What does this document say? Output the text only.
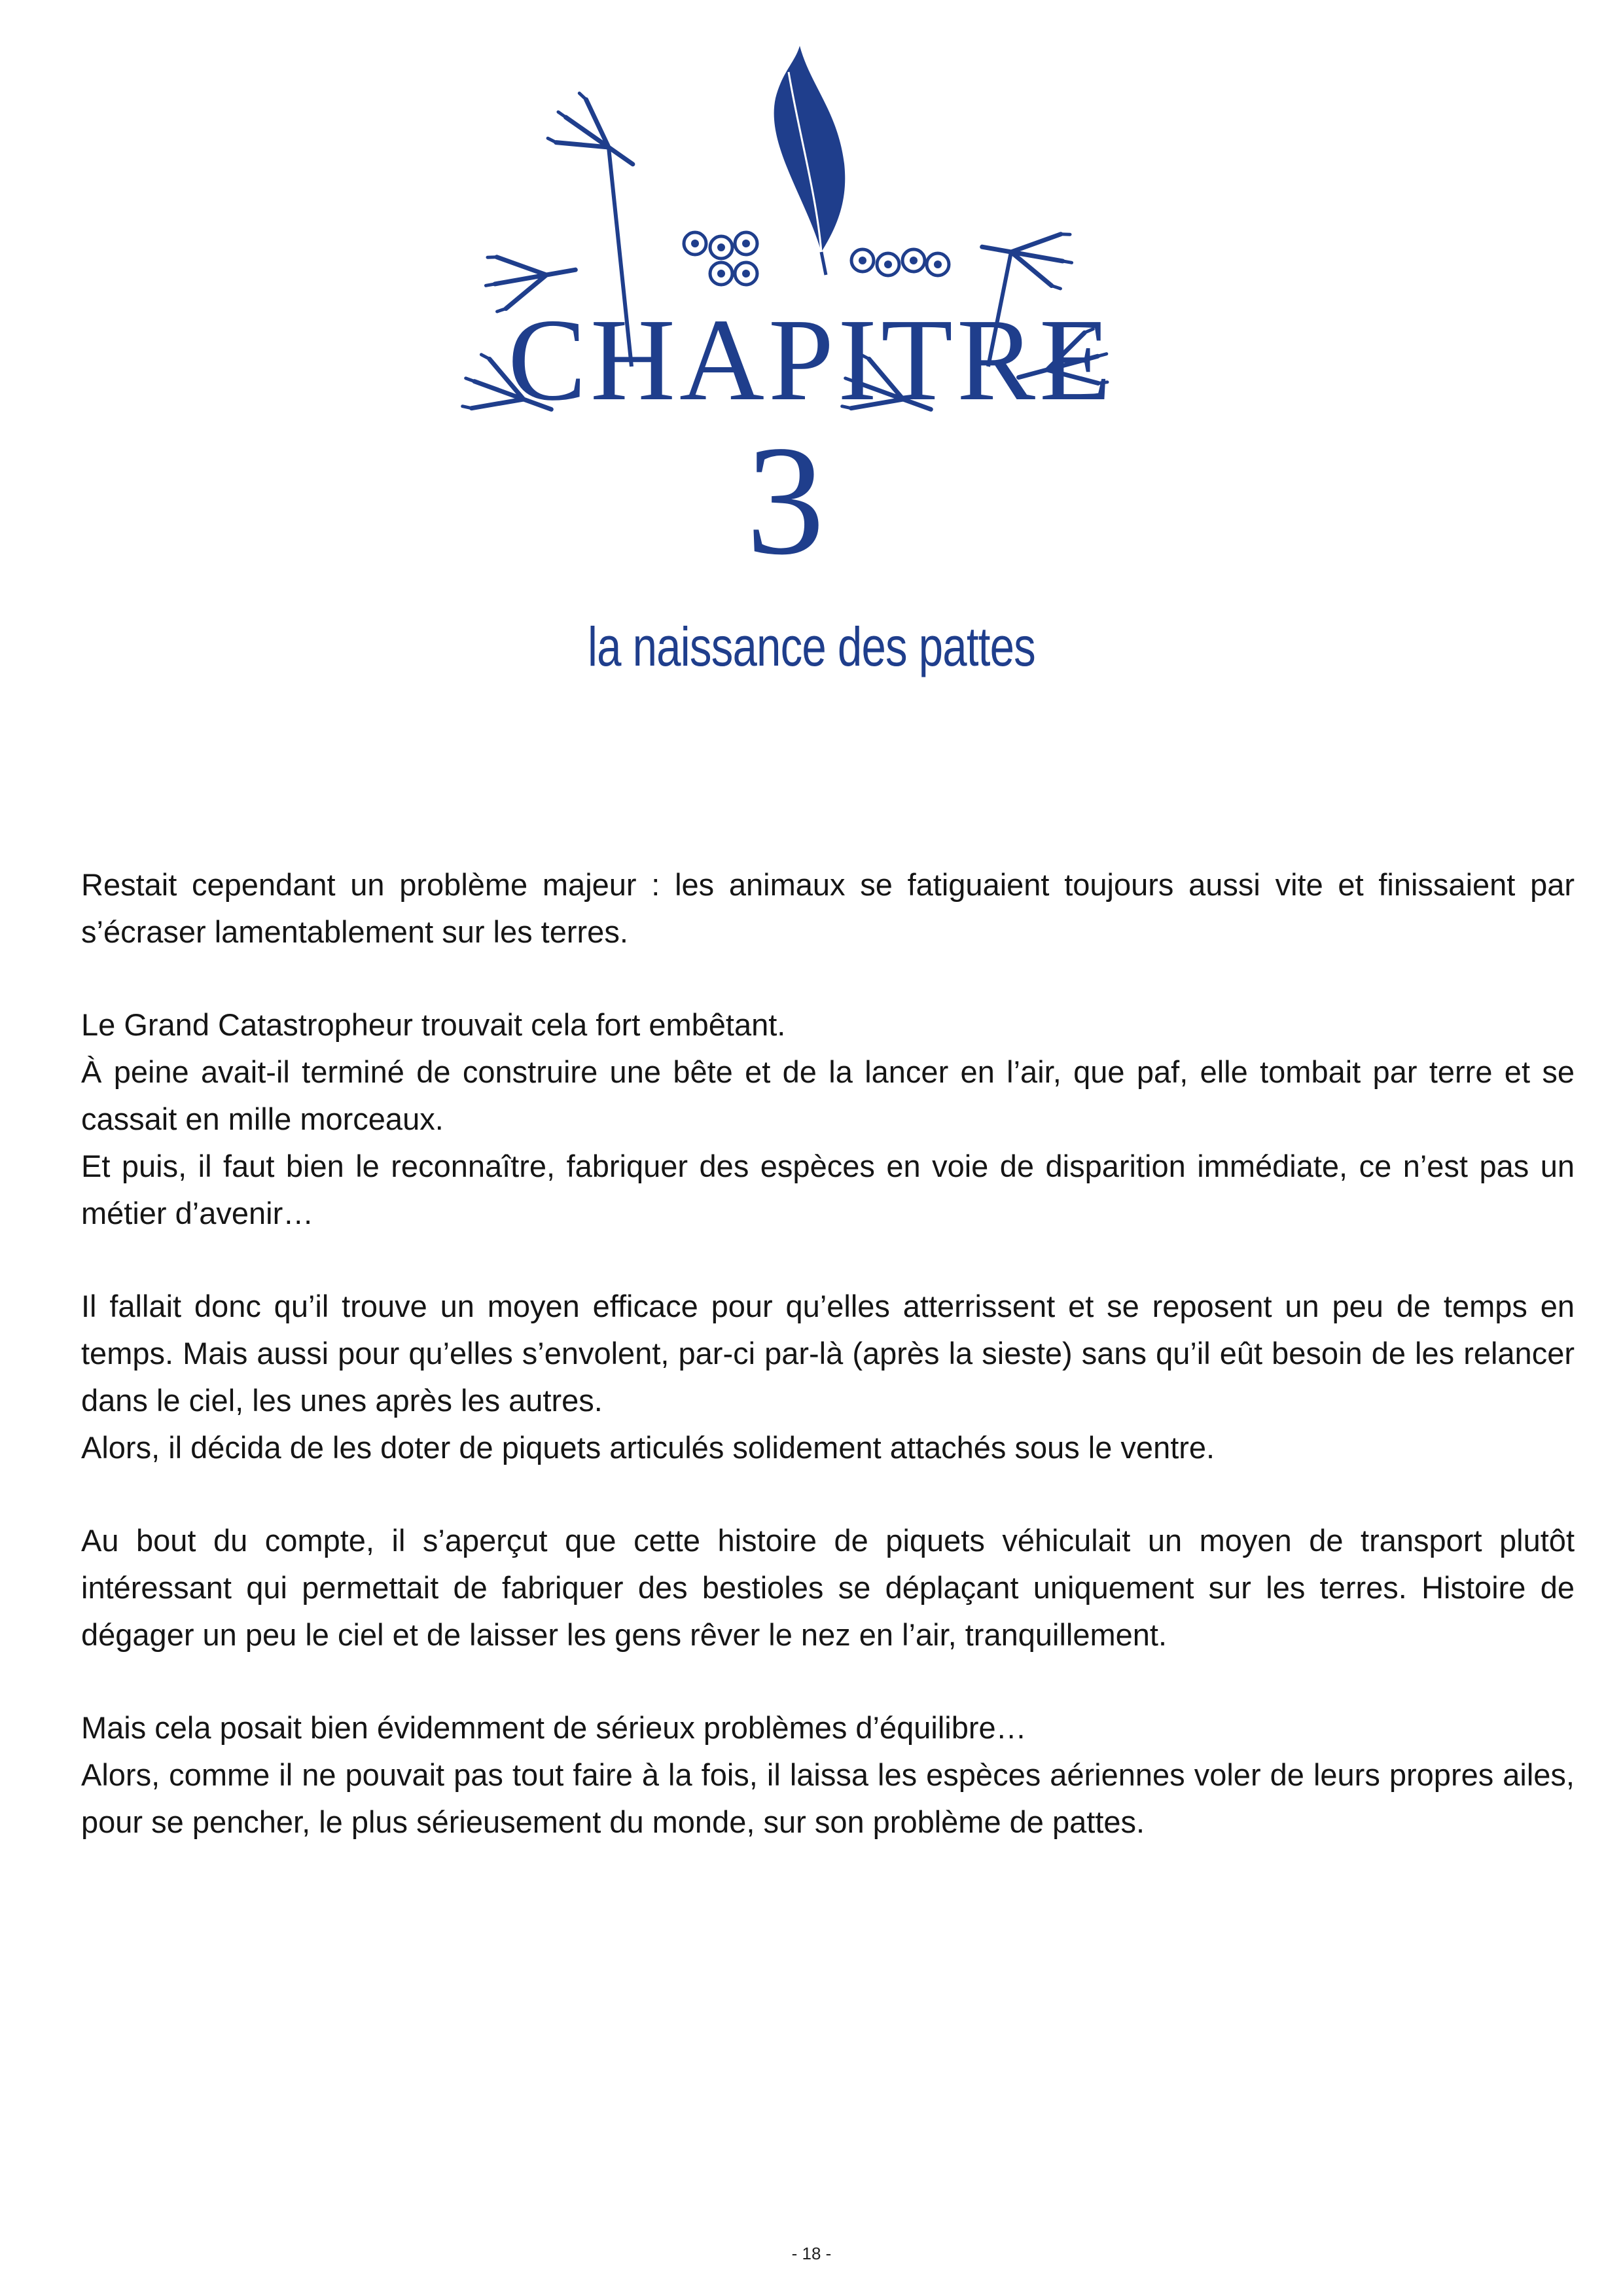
CHAPITRE
3
la naissance des pattes

Restait cependant un problème majeur : les animaux se fatiguaient toujours aussi vite et finissaient par s’écraser lamentablement sur les terres.

Le Grand Catastropheur trouvait cela fort embêtant.

À peine avait-il terminé de construire une bête et de la lancer en l’air, que paf, elle tombait par terre et se cassait en mille morceaux.

Et puis, il faut bien le reconnaître, fabriquer des espèces en voie de disparition immédiate, ce n’est pas un métier d’avenir…

Il fallait donc qu’il trouve un moyen efficace pour qu’elles atterrissent et se reposent un peu de temps en temps. Mais aussi pour qu’elles s’envolent, par-ci par-là (après la sieste) sans qu’il eût besoin de les relancer dans le ciel, les unes après les autres.

Alors, il décida de les doter de piquets articulés solidement attachés sous le ventre.

Au bout du compte, il s’aperçut que cette histoire de piquets véhiculait un moyen de transport plutôt intéressant qui permettait de fabriquer des bestioles se déplaçant uniquement sur les terres. Histoire de dégager un peu le ciel et de laisser les gens rêver le nez en l’air, tranquillement.

Mais cela posait bien évidemment de sérieux problèmes d’équilibre…

Alors, comme il ne pouvait pas tout faire à la fois, il laissa les espèces aériennes voler de leurs propres ailes, pour se pencher, le plus sérieusement du monde, sur son problème de pattes.

- 18 -
